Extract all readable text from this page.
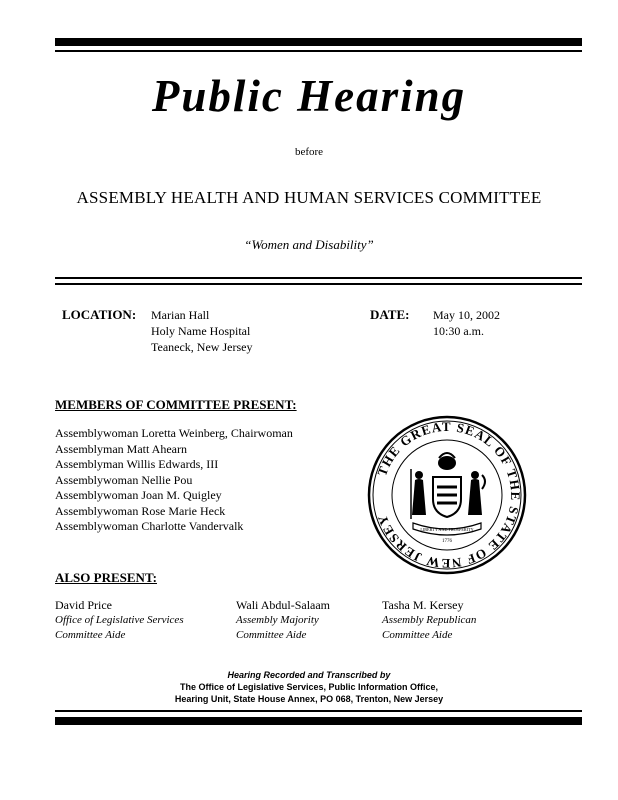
Public Hearing
before
ASSEMBLY HEALTH AND HUMAN SERVICES COMMITTEE
“Women and Disability”
LOCATION: Marian Hall
Holy Name Hospital
Teaneck, New Jersey
DATE: May 10, 2002
10:30 a.m.
MEMBERS OF COMMITTEE PRESENT:
Assemblywoman Loretta Weinberg, Chairwoman
Assemblyman Matt Ahearn
Assemblyman Willis Edwards, III
Assemblywoman Nellie Pou
Assemblywoman Joan M. Quigley
Assemblywoman Rose Marie Heck
Assemblywoman Charlotte Vandervalk
THE GREAT SEAL OF THE STATE OF NEW JERSEY
LIBERTY AND PROSPERITY
1776
ALSO PRESENT:
David Price
Office of Legislative Services
Committee Aide
Wali Abdul-Salaam
Assembly Majority
Committee Aide
Tasha M. Kersey
Assembly Republican
Committee Aide
Hearing Recorded and Transcribed by
The Office of Legislative Services, Public Information Office,
Hearing Unit, State House Annex, PO 068, Trenton, New Jersey
